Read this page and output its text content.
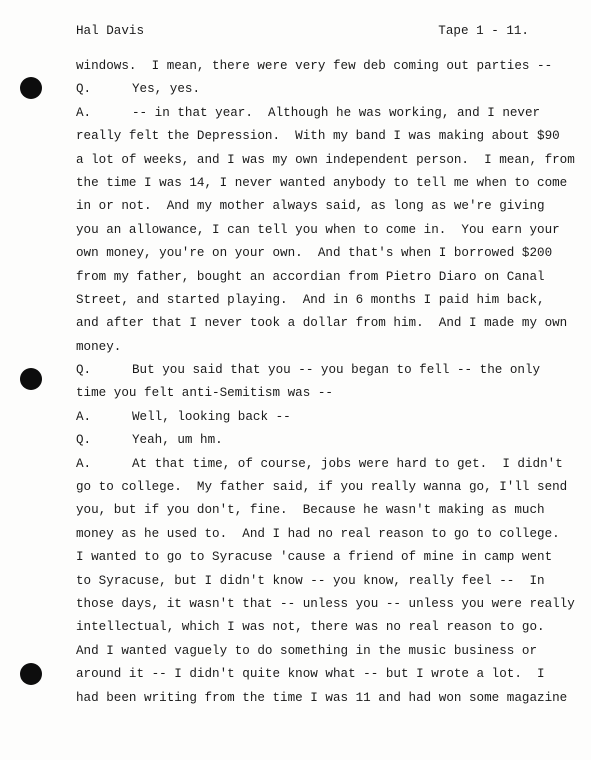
Hal Davis	Tape 1 - 11.
windows.  I mean, there were very few deb coming out parties --
Q.	Yes, yes.
A.	-- in that year.  Although he was working, and I never
really felt the Depression.  With my band I was making about $90
a lot of weeks, and I was my own independent person.  I mean, from
the time I was 14, I never wanted anybody to tell me when to come
in or not.  And my mother always said, as long as we're giving
you an allowance, I can tell you when to come in.  You earn your
own money, you're on your own.  And that's when I borrowed $200
from my father, bought an accordian from Pietro Diaro on Canal
Street, and started playing.  And in 6 months I paid him back,
and after that I never took a dollar from him.  And I made my own
money.
Q.	But you said that you -- you began to fell -- the only
time you felt anti-Semitism was --
A.	Well, looking back --
Q.	Yeah, um hm.
A.	At that time, of course, jobs were hard to get.  I didn't
go to college.  My father said, if you really wanna go, I'll send
you, but if you don't, fine.  Because he wasn't making as much
money as he used to.  And I had no real reason to go to college.
I wanted to go to Syracuse 'cause a friend of mine in camp went
to Syracuse, but I didn't know -- you know, really feel --  In
those days, it wasn't that -- unless you -- unless you were really
intellectual, which I was not, there was no real reason to go.
And I wanted vaguely to do something in the music business or
around it -- I didn't quite know what -- but I wrote a lot.  I
had been writing from the time I was 11 and had won some magazine
